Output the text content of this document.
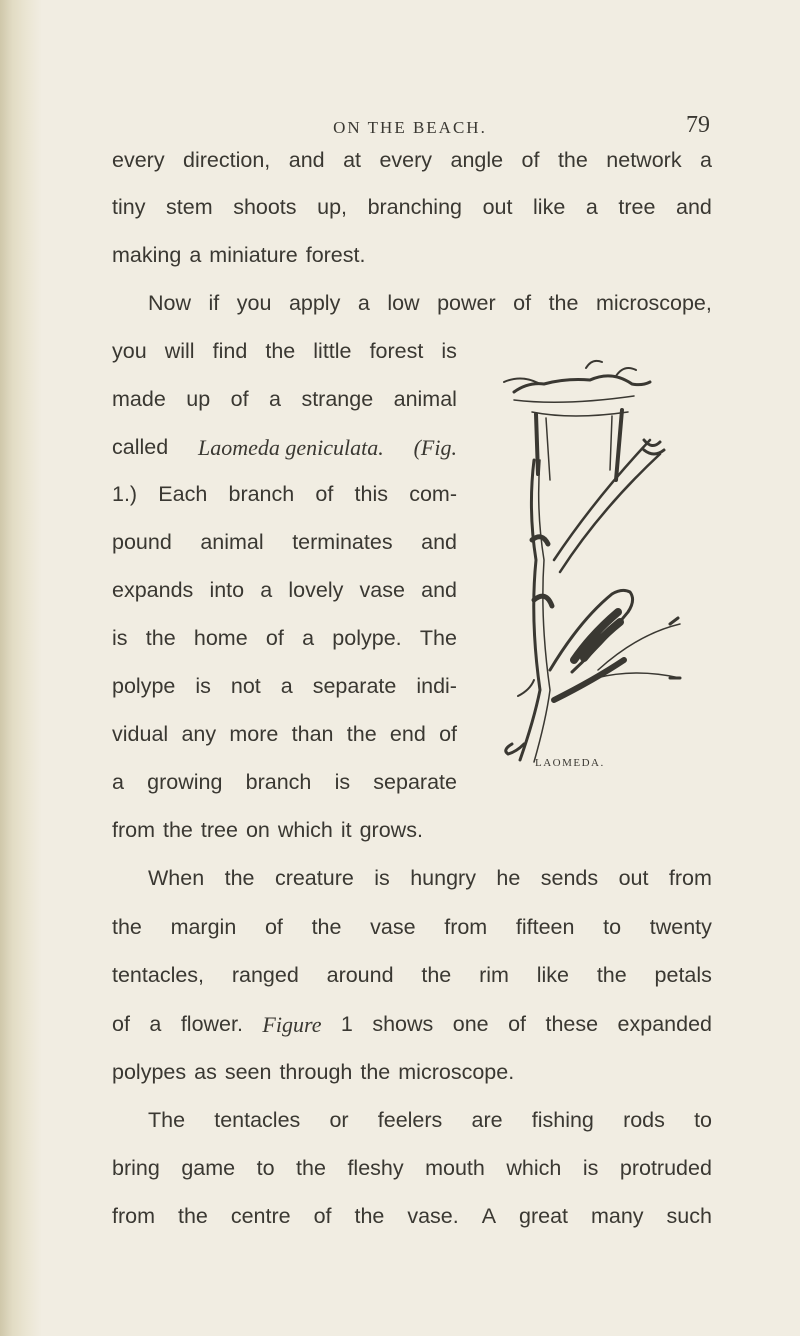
ON THE BEACH.	79
every direction, and at every angle of the network a
tiny stem shoots up, branching out like a tree and
making a miniature forest.
Now if you apply a low power of the microscope,
you will find the little forest is
made up of a strange animal
called Laomeda geniculata. (Fig.
1.) Each branch of this com-
pound animal terminates and
expands into a lovely vase and
is the home of a polype. The
polype is not a separate indi-
vidual any more than the end of
a growing branch is separate
from the tree on which it grows.
When the creature is hungry he sends out from
the margin of the vase from fifteen to twenty
tentacles, ranged around the rim like the petals
of a flower. Figure 1 shows one of these expanded
polypes as seen through the microscope.
The tentacles or feelers are fishing rods to
bring game to the fleshy mouth which is protruded
from the centre of the vase. A great many such
LAOMEDA.
